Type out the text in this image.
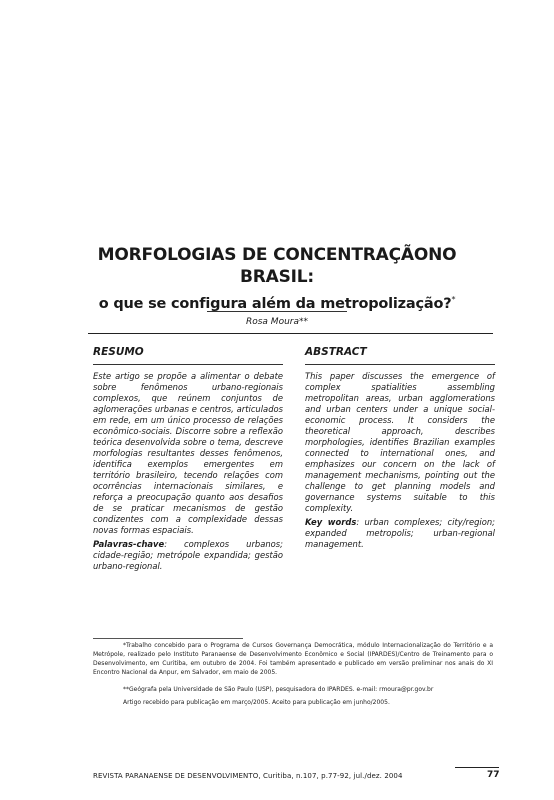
MORFOLOGIAS DE CONCENTRAÇÃONO BRASIL:
o que se configura além da metropolização?*
Rosa Moura**
RESUMO

Este artigo se propõe a alimentar o debate sobre fenômenos urbano-regionais complexos, que reúnem conjuntos de aglomerações urbanas e centros, articulados em rede, em um único processo de relações econômico-sociais. Discorre sobre a reflexão teórica desenvolvida sobre o tema, descreve morfologias resultantes desses fenômenos, identifica exemplos emergentes em território brasileiro, tecendo relações com ocorrências internacionais similares, e reforça a preocupação quanto aos desafios de se praticar mecanismos de gestão condizentes com a complexidade dessas novas formas espaciais.

Palavras-chave: complexos urbanos; cidade-região; metrópole expandida; gestão urbano-regional.

ABSTRACT

This paper discusses the emergence of complex spatialities assembling metropolitan areas, urban agglomerations and urban centers under a unique social-economic process. It considers the theoretical approach, describes morphologies, identifies Brazilian examples connected to international ones, and emphasizes our concern on the lack of management mechanisms, pointing out the challenge to get planning models and governance systems suitable to this complexity.

Key words: urban complexes; city/region; expanded metropolis; urban-regional management.

*Trabalho concebido para o Programa de Cursos Governança Democrática, módulo Internacionalização do Território e a Metrópole, realizado pelo Instituto Paranaense de Desenvolvimento Econômico e Social (IPARDES)/Centro de Treinamento para o Desenvolvimento, em Curitiba, em outubro de 2004. Foi também apresentado e publicado em versão preliminar nos anais do XI Encontro Nacional da Anpur, em Salvador, em maio de 2005.
**Geógrafa pela Universidade de São Paulo (USP), pesquisadora do IPARDES. e-mail: rmoura@pr.gov.br
Artigo recebido para publicação em março/2005. Aceito para publicação em junho/2005.
REVISTA PARANAENSE DE DESENVOLVIMENTO, Curitiba, n.107, p.77-92, jul./dez. 2004	77
